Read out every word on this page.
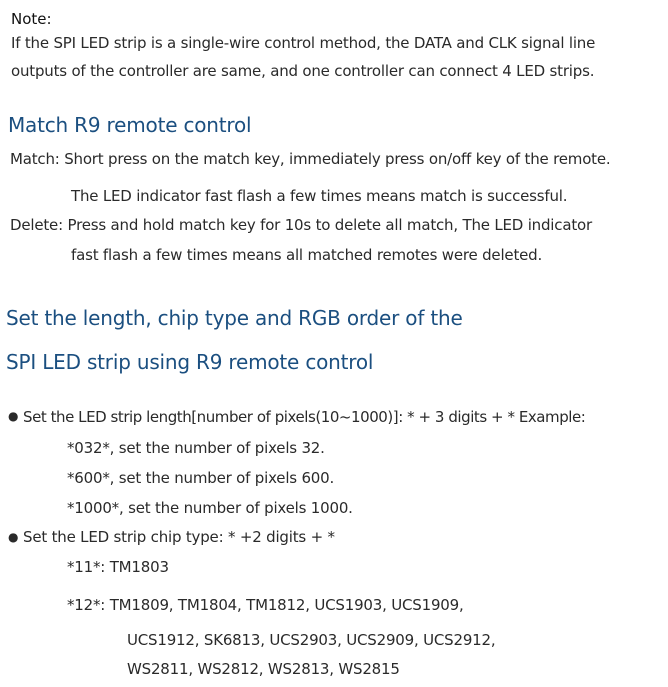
Note:
If the SPI LED strip is a single-wire control method, the DATA and CLK signal line
outputs of the controller are same, and one controller can connect 4 LED strips.
Match R9 remote control
Match: Short press on the match key, immediately press on/off key of the remote.
The LED indicator fast flash a few times means match is successful.
Delete: Press and hold match key for 10s to delete all match, The LED indicator
fast flash a few times means all matched remotes were deleted.
Set the length, chip type and RGB order of the
SPI LED strip using R9 remote control
● Set the LED strip length[number of pixels(10~1000)]: * + 3 digits + * Example:
*032*, set the number of pixels 32.
*600*, set the number of pixels 600.
*1000*, set the number of pixels 1000.
● Set the LED strip chip type: * +2 digits + *
*11*: TM1803
*12*: TM1809, TM1804, TM1812, UCS1903, UCS1909,
UCS1912, SK6813, UCS2903, UCS2909, UCS2912,
WS2811, WS2812, WS2813, WS2815
